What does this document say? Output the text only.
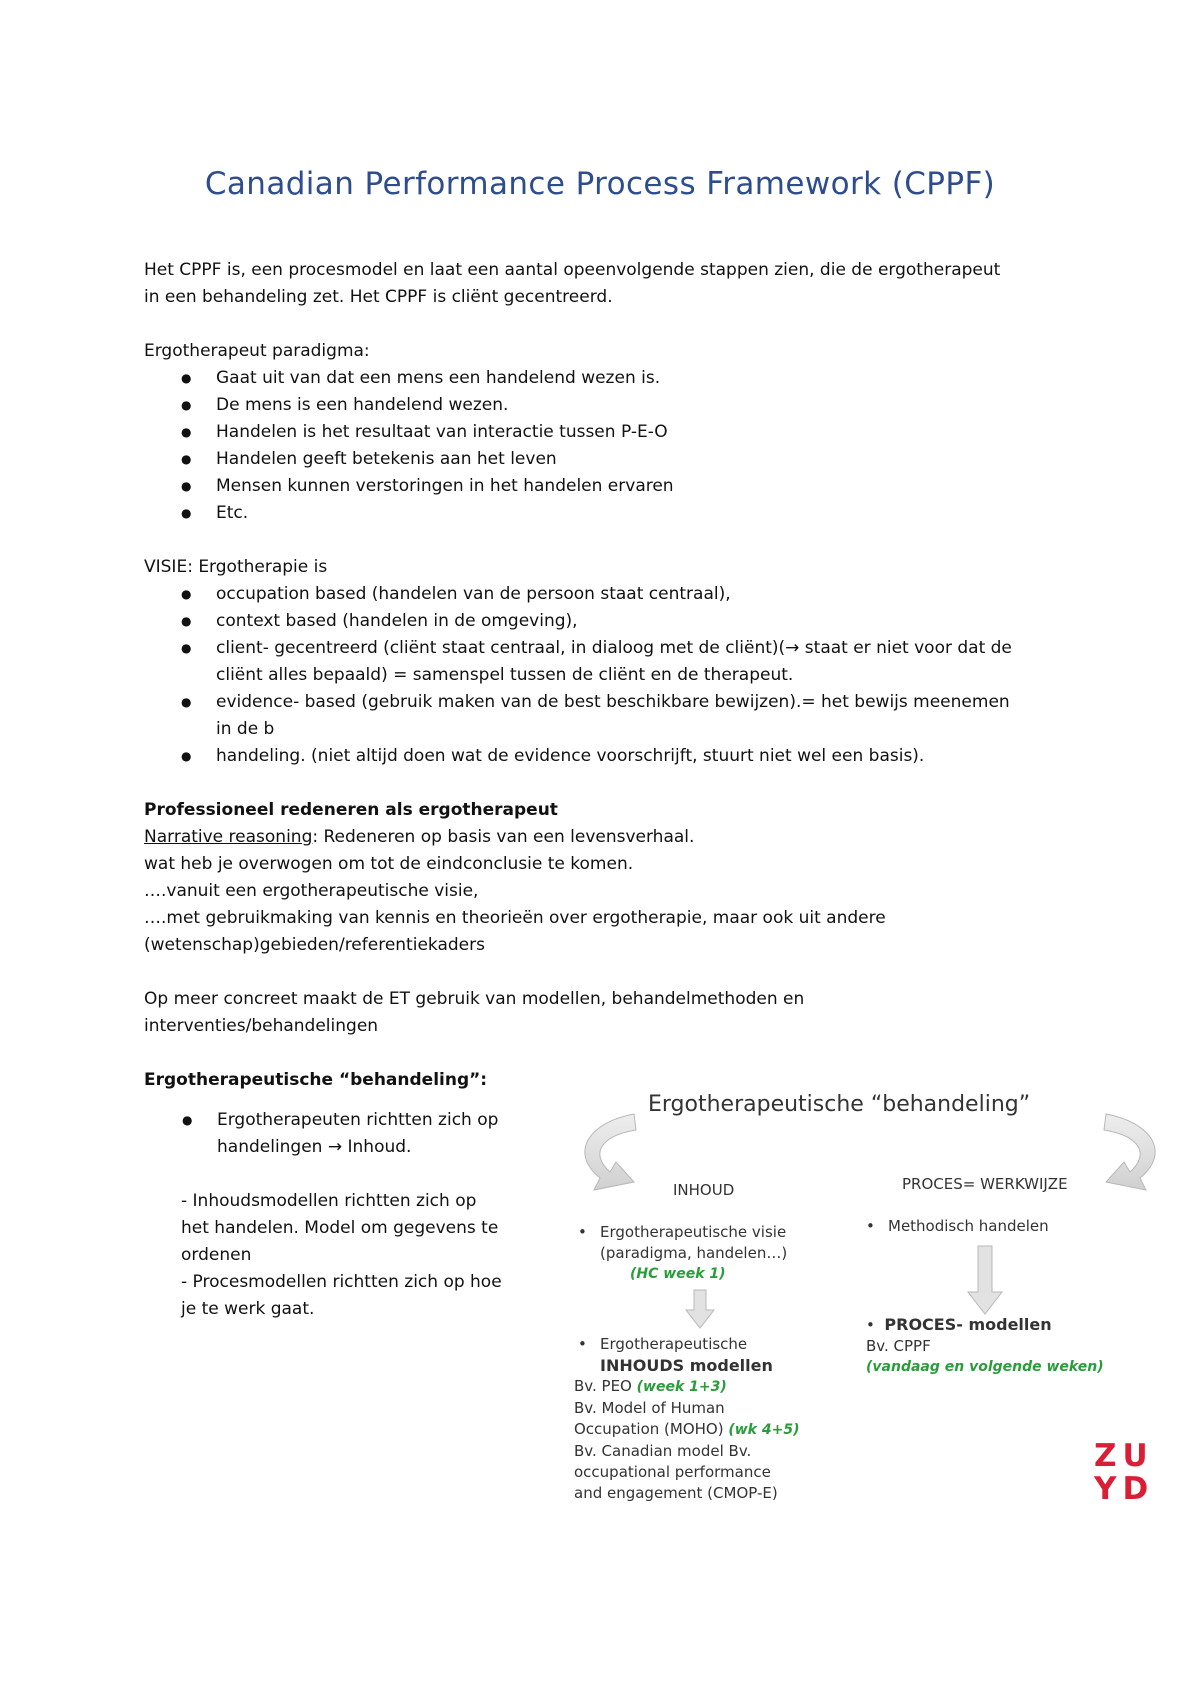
Canadian Performance Process Framework (CPPF)

Het CPPF is, een procesmodel en laat een aantal opeenvolgende stappen zien, die de ergotherapeut

in een behandeling zet. Het CPPF is cliënt gecentreerd.

Ergotherapeut paradigma:

● Gaat uit van dat een mens een handelend wezen is.
● De mens is een handelend wezen.
● Handelen is het resultaat van interactie tussen P-E-O
● Handelen geeft betekenis aan het leven
● Mensen kunnen verstoringen in het handelen ervaren
● Etc.

VISIE: Ergotherapie is

● occupation based (handelen van de persoon staat centraal),
● context based (handelen in de omgeving),
● client- gecentreerd (cliënt staat centraal, in dialoog met de cliënt)(→ staat er niet voor dat de
cliënt alles bepaald) = samenspel tussen de cliënt en de therapeut.
● evidence- based (gebruik maken van de best beschikbare bewijzen).= het bewijs meenemen
in de b
● handeling. (niet altijd doen wat de evidence voorschrijft, stuurt niet wel een basis).

Professioneel redeneren als ergotherapeut

Narrative reasoning: Redeneren op basis van een levensverhaal.

wat heb je overwogen om tot de eindconclusie te komen.

….vanuit een ergotherapeutische visie,

….met gebruikmaking van kennis en theorieën over ergotherapie, maar ook uit andere

(wetenschap)gebieden/referentiekaders

Op meer concreet maakt de ET gebruik van modellen, behandelmethoden en

interventies/behandelingen

Ergotherapeutische “behandeling”:

● Ergotherapeuten richtten zich op
handelingen → Inhoud.
- Inhoudsmodellen richtten zich op
het handelen. Model om gegevens te
ordenen
- Procesmodellen richtten zich op hoe
je te werk gaat.
Ergotherapeutische “behandeling”
INHOUD	PROCES= WERKWIJZE
• Ergotherapeutische visie
(paradigma, handelen…)
(HC week 1)
• Methodisch handelen
• Ergotherapeutische
INHOUDS modellen
Bv. PEO (week 1+3)
Bv. Model of Human
Occupation (MOHO) (wk 4+5)
Bv. Canadian model Bv.
occupational performance
and engagement (CMOP-E)
•  PROCES- modellen
Bv. CPPF
(vandaag en volgende weken)
ZU
YD
